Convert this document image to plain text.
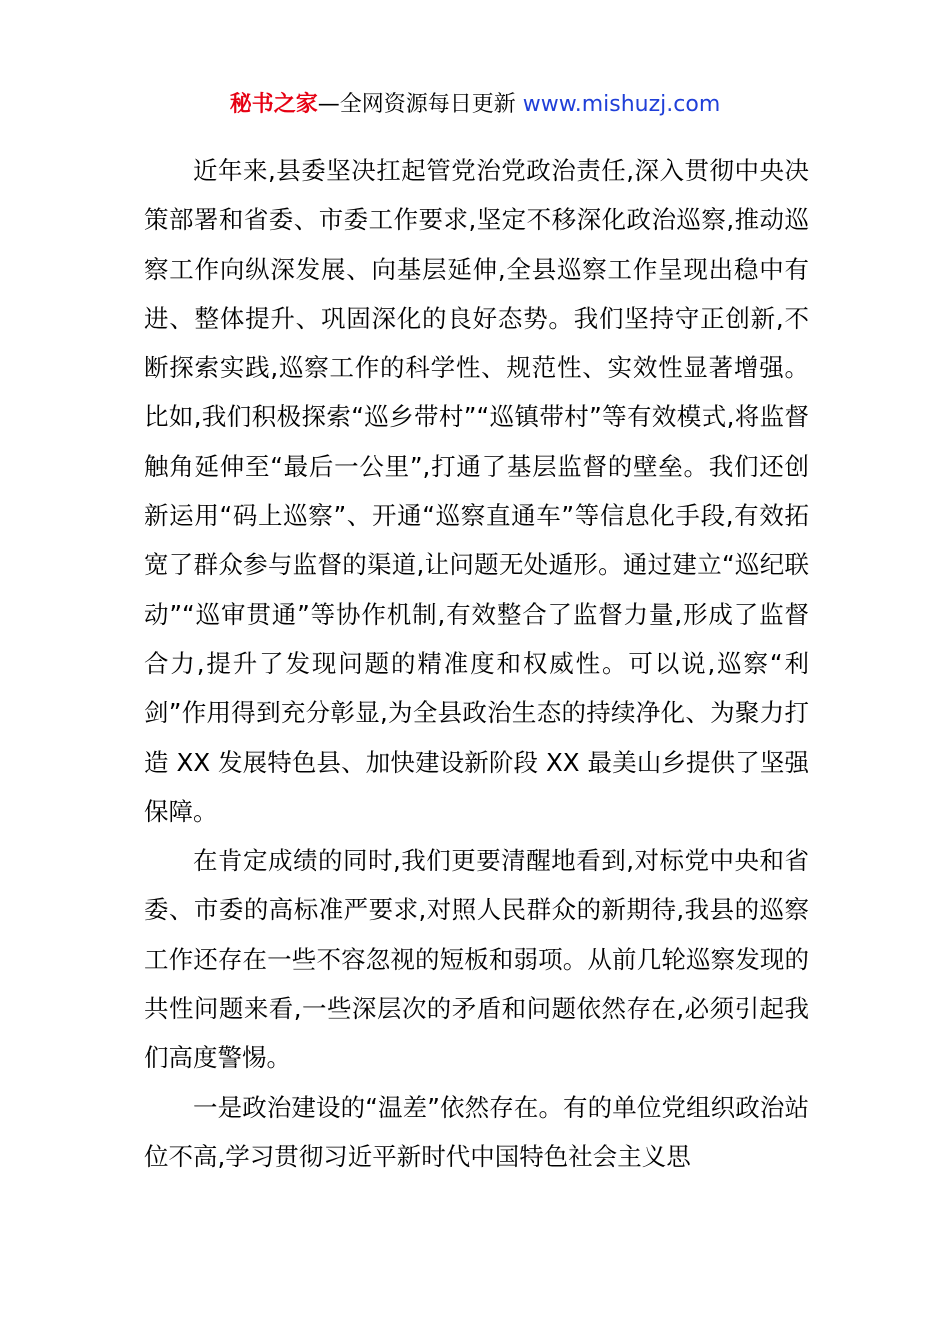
秘书之家—全网资源每日更新 www.mishuzj.com

近年来,县委坚决扛起管党治党政治责任,深入贯彻中央决策部署和省委、市委工作要求,坚定不移深化政治巡察,推动巡察工作向纵深发展、向基层延伸,全县巡察工作呈现出稳中有进、整体提升、巩固深化的良好态势。我们坚持守正创新,不断探索实践,巡察工作的科学性、规范性、实效性显著增强。比如,我们积极探索“巡乡带村”“巡镇带村”等有效模式,将监督触角延伸至“最后一公里”,打通了基层监督的壁垒。我们还创新运用“码上巡察”、开通“巡察直通车”等信息化手段,有效拓宽了群众参与监督的渠道,让问题无处遁形。通过建立“巡纪联动”“巡审贯通”等协作机制,有效整合了监督力量,形成了监督合力,提升了发现问题的精准度和权威性。可以说,巡察“利剑”作用得到充分彰显,为全县政治生态的持续净化、为聚力打造 XX 发展特色县、加快建设新阶段 XX 最美山乡提供了坚强保障。

在肯定成绩的同时,我们更要清醒地看到,对标党中央和省委、市委的高标准严要求,对照人民群众的新期待,我县的巡察工作还存在一些不容忽视的短板和弱项。从前几轮巡察发现的共性问题来看,一些深层次的矛盾和问题依然存在,必须引起我们高度警惕。

一是政治建设的“温差”依然存在。有的单位党组织政治站位不高,学习贯彻习近平新时代中国特色社会主义思
